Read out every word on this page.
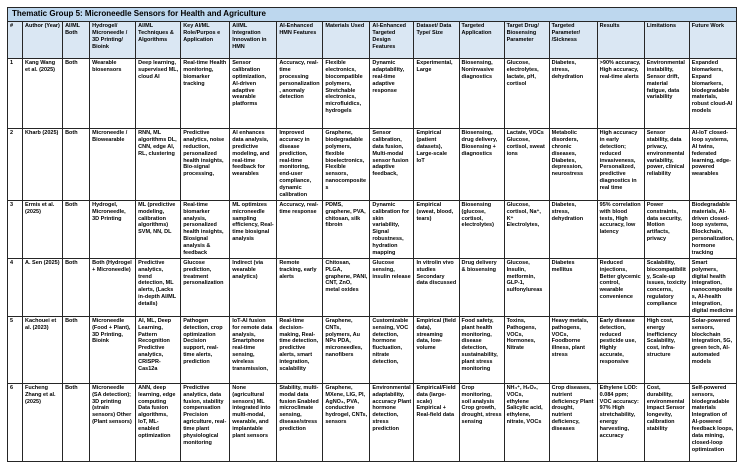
Thematic Group 5: Microneedle Sensors for Health and Agriculture																
#	Author (Year)	AI/ML Both	Hydrogel/ Microneedle / 3D Printing/ Bioink	AI/ML Techniques & Algorithms	Key AI/ML Role/Purpos e Application	AI/ML Integration Innovation in HMN	AI-Enhanced HMN Features	Materials Used	AI-Enhanced Targeted Design Features	Dataset/ Data Type/ Size	Targeted Application	Target Drug/ Biosensing Parameter	Targeted Parameter/ /Sickness	Results	Limitations	Future Work
1	Kang Wang et al. (2025)	Both	Wearable biosensors	Deep learning, supervised ML, cloud AI	Real-time Health monitoring, biomarker tracking	Sensor calibration optimization, AI-driven adaptive wearable platforms	Accuracy, real-time processing personalization , anomaly detection	Flexible electronics, biocompatible polymers, Stretchable electronics, microfluidics, hydrogels	Dynamic adaptability, real-time adaptive response	Experimental, Large	Biosensing, Noninvasive diagnostics	Glucose, electrolytes, lactate, pH, cortisol	Diabetes, stress, dehydration	>90% accuracy, High accuracy, real-time alerts	Environmental instability, Sensor drift, material fatigue, data variability	Expanded biomarkers, Expand biomarkers, biodegradable materials, robust cloud-AI models
2	Kharb (2025)	Both	Microneedle / Biowearable	RNN, ML algorithms DL, CNN, edge AI, RL, clustering	Predictive analytics, noise reduction, personalized health insights, Bio-signal processing,	AI enhances data analysis, predictive modeling, and real-time feedback for wearables	Improved accuracy in disease prediction, real-time monitoring, end-user compliance, dynamic calibration	Graphene, biodegradable polymers, flexible bioelectronics, Flexible sensors, nanocomposites	Sensor calibration, data fusion, Multi-modal sensor fusion adaptive feedback,	Empirical (patient datasets), Large-scale IoT	Biosensing, drug delivery, Biosensing + diagnostics	Lactate, VOCs Glucose, cortisol, sweat ions	Metabolic disorders, chronic diseases, Diabetes, depression, neurostress	High accuracy in early detection; reduced invasiveness, Personalized, predictive diagnostics in real time	Sensor stability, data privacy, environmental variability, power, clinical reliability	AI-IoT closed-loop systems, AI twins, federated learning, edge-powered wearables
3	Ermis et al. (2025)	Both	Hydrogel, Microneedle, 3D Printing	ML (predictive modeling, calibration algorithms) SVM, NN, DL	Real-time biomarker analysis, personalized health insights, Biosignal analysis & feedback	ML optimizes microneedle sampling efficiency, Real-time biosignal analysis	Accuracy, real-time response	PDMS, graphene, PVA, chitosan, silk fibroin	Dynamic calibration for skin variability, Signal robustness, hydration mapping	Empirical (sweat, blood, tears)	Biosensing (glucose, cortisol, electrolytes)	Glucose, cortisol, Na⁺, K⁺ Electrolytes,	Diabetes, stress, dehydration	95% correlation with blood tests, High accuracy, low latency	Power constraints, data security, Motion artifacts, privacy	Biodegradable materials, AI-driven closed-loop systems, Blockchain, personalization, hormone tracking
4	A. Sen (2025)	Both	Both (Hydrogel + Microneedle)	Predictive analytics, trend detection, ML alerts, (Lacks in-depth AI/ML details)	Glucose prediction, treatment personalization	Indirect (via wearable analytics)	Remote tracking, early alerts	Chitosan, PLGA, graphene, PANI, CNT, ZnO, metal oxides	Glucose sensing, insulin release	In vitro/in vivo studies Secondary data discussed	Drug delivery & biosensing	Glucose, Insulin, metformin, GLP-1, sulfonylureas	Diabetes mellitus	Reduced injections, Better glycemic control, wearable convenience	Scalability, biocompatibilit y, Scale-up issues, toxicity concerns, regulatory compliance	Smart polymers, digital health integration, nanocomposite s, AI-health integration, digital medicine
5	Kachouei et al. (2023)	Both	Microneedle (Food + Plant), 3D Printing, Bioink	AI, ML, Deep Learning, Pattern Recognition Predictive analytics, CRISPR-Cas12a	Pathogen detection, crop optimization Decision support, real-time alerts, prediction	IoT-AI fusion for remote data analysis, Smartphone real-time sensing, wireless transmission,	Real-time decision-making, Real-time detection, predictive alerts, smart integration, scalability	Graphene, CNTs, polymers, Au NPs PDA, microneedles, nanofibers	Customizable sensing, VOC detection, hormone fluctuation, nitrate detection,	Empirical (field data), streaming data, low-volume	Food safety, plant health monitoring, disease detection, sustainability, plant stress monitoring	Toxins, Pathogens, VOCs, Hormones, Nitrate	Heavy metals, pathogens, VOCs, Foodborne illness, plant stress	Early disease detection, reduced pesticide use, Highly accurate, responsive	High cost, energy inefficiency Scalability, cost, infra-structure	Solar-powered sensors, blockchain integration, 5G, green tech, AI-automated models
6	Fucheng Zhang et al. (2025)	Both	Microneedle (SA detection); 3D printing (strain sensors) Other (Plant sensors)	ANN, deep learning, edge computing Data fusion algorithms, IoT, ML-enabled optimization	Predictive analytics, data fusion, stability compensation Precision agriculture, real-time plant physiological monitoring	None (agricultural sensors) ML integrated into multi-modal, wearable, and implantable plant sensors	Stability, multi-modal data fusion Enabled microclimate sensing, disease/stress prediction	Graphene, MXene, LIG, PI, AgNO₃, PVA, conductive hydrogel, CNTs, sensors	Environmental adaptability, accuracy Plant hormone detection, stress prediction	Empirical/Field data (large-scale) Empirical + Real-field data	Crop monitoring, soil analysis Crop growth, drought, stress sensing	NH₄⁺, H₂O₂, VOCs, ethylene Salicylic acid, ethylene, nitrate, VOCs	Crop diseases, nutrient deficiency Plant drought, nutrient deficiency, diseases	Ethylene LOD: 0.084 ppm; VOC accuracy: 97% High stretchability, energy harvesting, accuracy	Cost, durability, environmental impact Sensor longevity, calibration stability	Self-powered sensors, biodegradable materials Integration of AI-powered feedback loops, data mining, closed-loop optimization
